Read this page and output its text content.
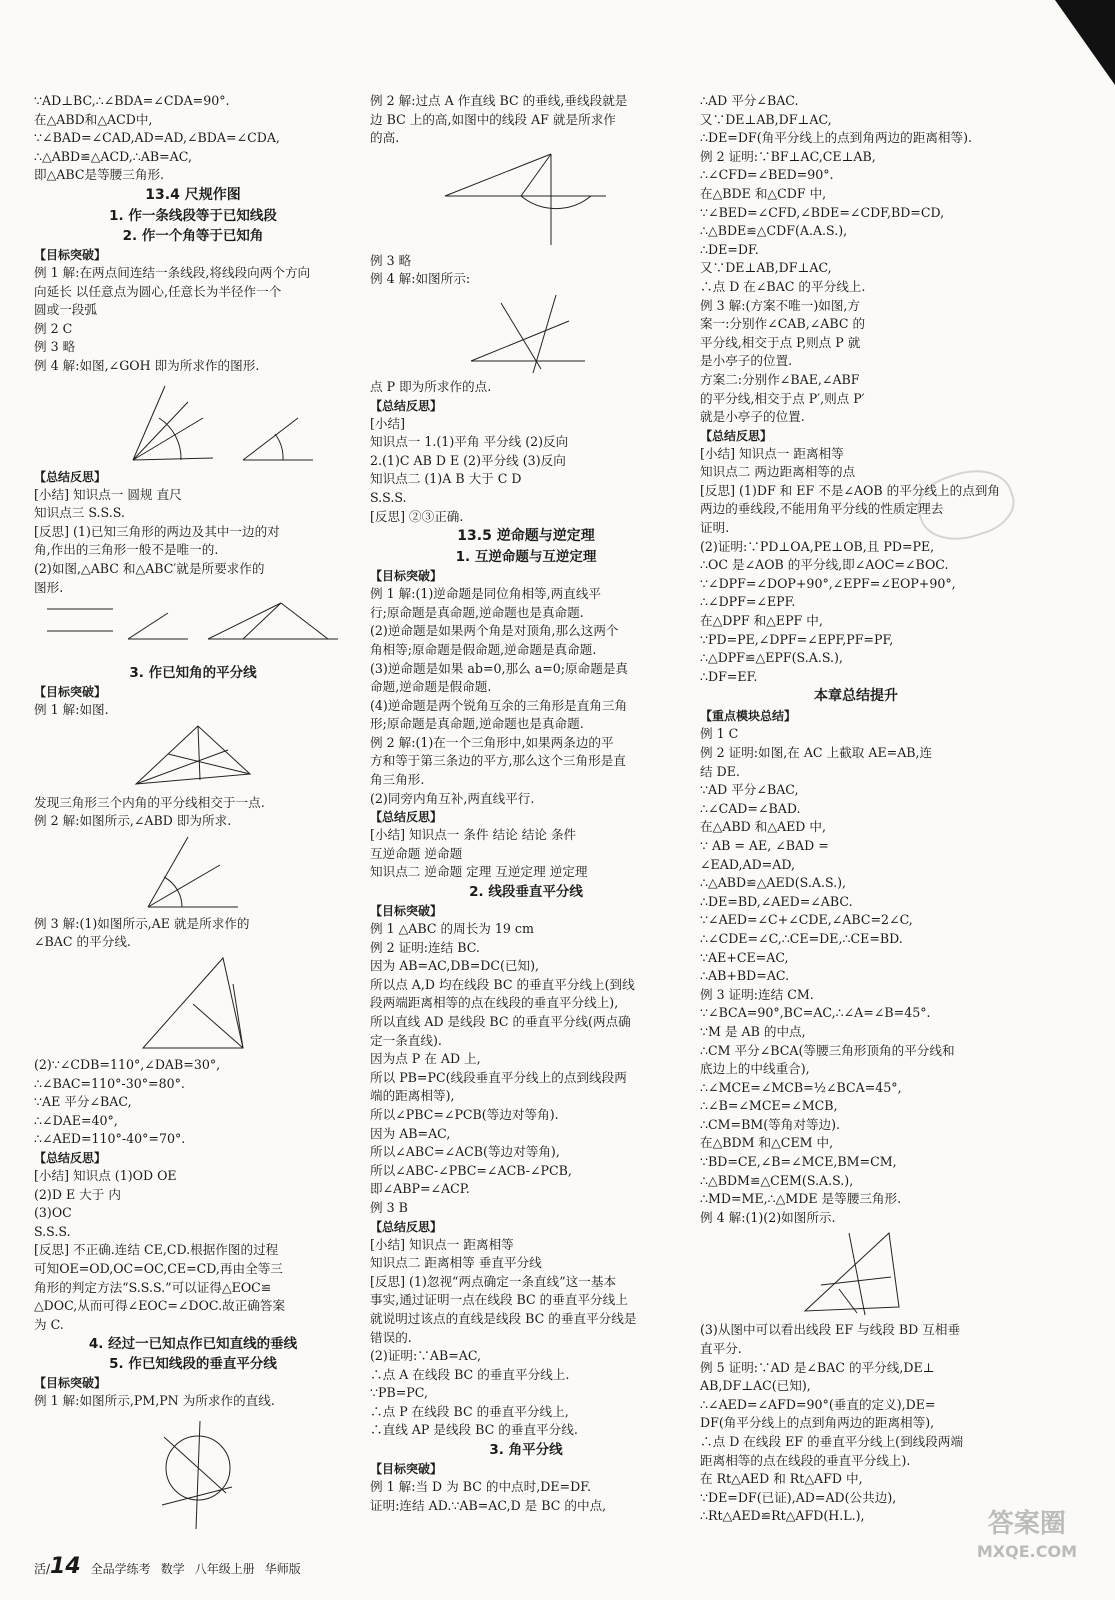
∵AD⊥BC,∴∠BDA=∠CDA=90°.
在△ABD和△ACD中,
∵∠BAD=∠CAD,AD=AD,∠BDA=∠CDA,
∴△ABD≌△ACD,∴AB=AC,
即△ABC是等腰三角形.
13.4 尺规作图
1. 作一条线段等于已知线段
2. 作一个角等于已知角
【目标突破】
例 1 解:在两点间连结一条线段,将线段向两个方向
向延长 以任意点为圆心,任意长为半径作一个
圆或一段弧
例 2 C
例 3 略
例 4 解:如图,∠GOH 即为所求作的图形.
【总结反思】
[小结] 知识点一 圆规 直尺
知识点三 S.S.S.
[反思] (1)已知三角形的两边及其中一边的对
角,作出的三角形一般不是唯一的.
(2)如图,△ABC 和△ABC′就是所要求作的
图形.
3. 作已知角的平分线
【目标突破】
例 1 解:如图.
发现三角形三个内角的平分线相交于一点.
例 2 解:如图所示,∠ABD 即为所求.
例 3 解:(1)如图所示,AE 就是所求作的
∠BAC 的平分线.
(2)∵∠CDB=110°,∠DAB=30°,
∴∠BAC=110°-30°=80°.
∵AE 平分∠BAC,
∴∠DAE=40°,
∴∠AED=110°-40°=70°.
【总结反思】
[小结] 知识点 (1)OD OE
(2)D E 大于 内
(3)OC
S.S.S.
[反思] 不正确.连结 CE,CD.根据作图的过程
可知OE=OD,OC=OC,CE=CD,再由全等三
角形的判定方法“S.S.S.”可以证得△EOC≌
△DOC,从而可得∠EOC=∠DOC.故正确答案
为 C.
4. 经过一已知点作已知直线的垂线
5. 作已知线段的垂直平分线
【目标突破】
例 1 解:如图所示,PM,PN 为所求作的直线.
例 2 解:过点 A 作直线 BC 的垂线,垂线段就是
边 BC 上的高,如图中的线段 AF 就是所求作
的高.
例 3 略
例 4 解:如图所示:
点 P 即为所求作的点.
【总结反思】
[小结]
知识点一 1.(1)平角 平分线 (2)反向
2.(1)C AB D E (2)平分线 (3)反向
知识点二 (1)A B 大于 C D
S.S.S.
[反思] ②③正确.
13.5 逆命题与逆定理
1. 互逆命题与互逆定理
【目标突破】
例 1 解:(1)逆命题是同位角相等,两直线平
行;原命题是真命题,逆命题也是真命题.
(2)逆命题是如果两个角是对顶角,那么这两个
角相等;原命题是假命题,逆命题是真命题.
(3)逆命题是如果 ab=0,那么 a=0;原命题是真
命题,逆命题是假命题.
(4)逆命题是两个锐角互余的三角形是直角三角
形;原命题是真命题,逆命题也是真命题.
例 2 解:(1)在一个三角形中,如果两条边的平
方和等于第三条边的平方,那么这个三角形是直
角三角形.
(2)同旁内角互补,两直线平行.
【总结反思】
[小结] 知识点一 条件 结论 结论 条件
互逆命题 逆命题
知识点二 逆命题 定理 互逆定理 逆定理
2. 线段垂直平分线
【目标突破】
例 1 △ABC 的周长为 19 cm
例 2 证明:连结 BC.
因为 AB=AC,DB=DC(已知),
所以点 A,D 均在线段 BC 的垂直平分线上(到线
段两端距离相等的点在线段的垂直平分线上),
所以直线 AD 是线段 BC 的垂直平分线(两点确
定一条直线).
因为点 P 在 AD 上,
所以 PB=PC(线段垂直平分线上的点到线段两
端的距离相等),
所以∠PBC=∠PCB(等边对等角).
因为 AB=AC,
所以∠ABC=∠ACB(等边对等角),
所以∠ABC-∠PBC=∠ACB-∠PCB,
即∠ABP=∠ACP.
例 3 B
【总结反思】
[小结] 知识点一 距离相等
知识点二 距离相等 垂直平分线
[反思] (1)忽视“两点确定一条直线”这一基本
事实,通过证明一点在线段 BC 的垂直平分线上
就说明过该点的直线是线段 BC 的垂直平分线是
错误的.
(2)证明:∵AB=AC,
∴点 A 在线段 BC 的垂直平分线上.
∵PB=PC,
∴点 P 在线段 BC 的垂直平分线上,
∴直线 AP 是线段 BC 的垂直平分线.
3. 角平分线
【目标突破】
例 1 解:当 D 为 BC 的中点时,DE=DF.
证明:连结 AD.∵AB=AC,D 是 BC 的中点,
∴AD 平分∠BAC.
又∵DE⊥AB,DF⊥AC,
∴DE=DF(角平分线上的点到角两边的距离相等).
例 2 证明:∵BF⊥AC,CE⊥AB,
∴∠CFD=∠BED=90°.
在△BDE 和△CDF 中,
∵∠BED=∠CFD,∠BDE=∠CDF,BD=CD,
∴△BDE≌△CDF(A.A.S.),
∴DE=DF.
又∵DE⊥AB,DF⊥AC,
∴点 D 在∠BAC 的平分线上.
例 3 解:(方案不唯一)如图,方
案一:分别作∠CAB,∠ABC 的
平分线,相交于点 P,则点 P 就
是小亭子的位置.
方案二:分别作∠BAE,∠ABF
的平分线,相交于点 P′,则点 P′
就是小亭子的位置.
【总结反思】
[小结] 知识点一 距离相等
知识点二 两边距离相等的点
[反思] (1)DF 和 EF 不是∠AOB 的平分线上的点到角
两边的垂线段,不能用角平分线的性质定理去
证明.
(2)证明:∵PD⊥OA,PE⊥OB,且 PD=PE,
∴OC 是∠AOB 的平分线,即∠AOC=∠BOC.
∵∠DPF=∠DOP+90°,∠EPF=∠EOP+90°,
∴∠DPF=∠EPF.
在△DPF 和△EPF 中,
∵PD=PE,∠DPF=∠EPF,PF=PF,
∴△DPF≌△EPF(S.A.S.),
∴DF=EF.
本章总结提升
【重点模块总结】
例 1 C
例 2 证明:如图,在 AC 上截取 AE=AB,连
结 DE.
∵AD 平分∠BAC,
∴∠CAD=∠BAD.
在△ABD 和△AED 中,
∵ AB = AE, ∠BAD =
∠EAD,AD=AD,
∴△ABD≌△AED(S.A.S.),
∴DE=BD,∠AED=∠ABC.
∵∠AED=∠C+∠CDE,∠ABC=2∠C,
∴∠CDE=∠C,∴CE=DE,∴CE=BD.
∵AE+CE=AC,
∴AB+BD=AC.
例 3 证明:连结 CM.
∵∠BCA=90°,BC=AC,∴∠A=∠B=45°.
∵M 是 AB 的中点,
∴CM 平分∠BCA(等腰三角形顶角的平分线和
底边上的中线重合),
∴∠MCE=∠MCB=½∠BCA=45°,
∴∠B=∠MCE=∠MCB,
∴CM=BM(等角对等边).
在△BDM 和△CEM 中,
∵BD=CE,∠B=∠MCE,BM=CM,
∴△BDM≌△CEM(S.A.S.),
∴MD=ME,∴△MDE 是等腰三角形.
例 4 解:(1)(2)如图所示.
(3)从图中可以看出线段 EF 与线段 BD 互相垂
直平分.
例 5 证明:∵AD 是∠BAC 的平分线,DE⊥
AB,DF⊥AC(已知),
∴∠AED=∠AFD=90°(垂直的定义),DE=
DF(角平分线上的点到角两边的距离相等),
∴点 D 在线段 EF 的垂直平分线上(到线段两端
距离相等的点在线段的垂直平分线上).
在 Rt△AED 和 Rt△AFD 中,
∵DE=DF(已证),AD=AD(公共边),
∴Rt△AED≌Rt△AFD(H.L.),
活/14 全品学练考 数学 八年级上册 华师版
答案圈
MXQE.COM
